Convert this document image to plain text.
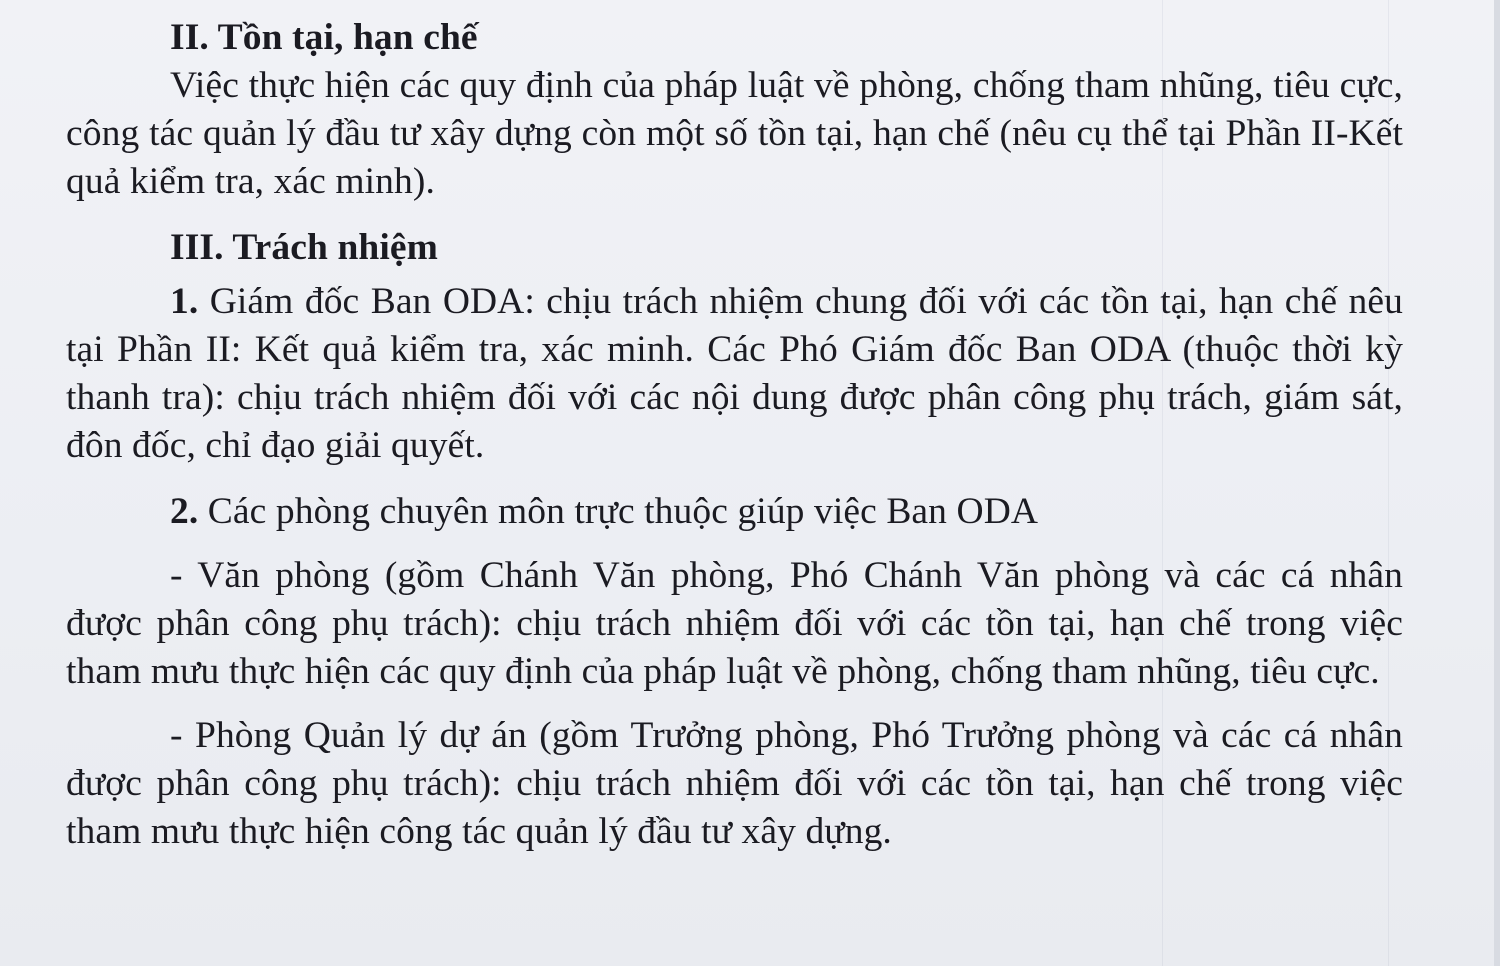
II. Tồn tại, hạn chế

Việc thực hiện các quy định của pháp luật về phòng, chống tham nhũng, tiêu cực, công tác quản lý đầu tư xây dựng còn một số tồn tại, hạn chế (nêu cụ thể tại Phần II-Kết quả kiểm tra, xác minh).

III. Trách nhiệm

1. Giám đốc Ban ODA: chịu trách nhiệm chung đối với các tồn tại, hạn chế nêu tại Phần II: Kết quả kiểm tra, xác minh. Các Phó Giám đốc Ban ODA (thuộc thời kỳ thanh tra): chịu trách nhiệm đối với các nội dung được phân công phụ trách, giám sát, đôn đốc, chỉ đạo giải quyết.

2. Các phòng chuyên môn trực thuộc giúp việc Ban ODA

- Văn phòng (gồm Chánh Văn phòng, Phó Chánh Văn phòng và các cá nhân được phân công phụ trách): chịu trách nhiệm đối với các tồn tại, hạn chế trong việc tham mưu thực hiện các quy định của pháp luật về phòng, chống tham nhũng, tiêu cực.

- Phòng Quản lý dự án (gồm Trưởng phòng, Phó Trưởng phòng và các cá nhân được phân công phụ trách): chịu trách nhiệm đối với các tồn tại, hạn chế trong việc tham mưu thực hiện công tác quản lý đầu tư xây dựng.
